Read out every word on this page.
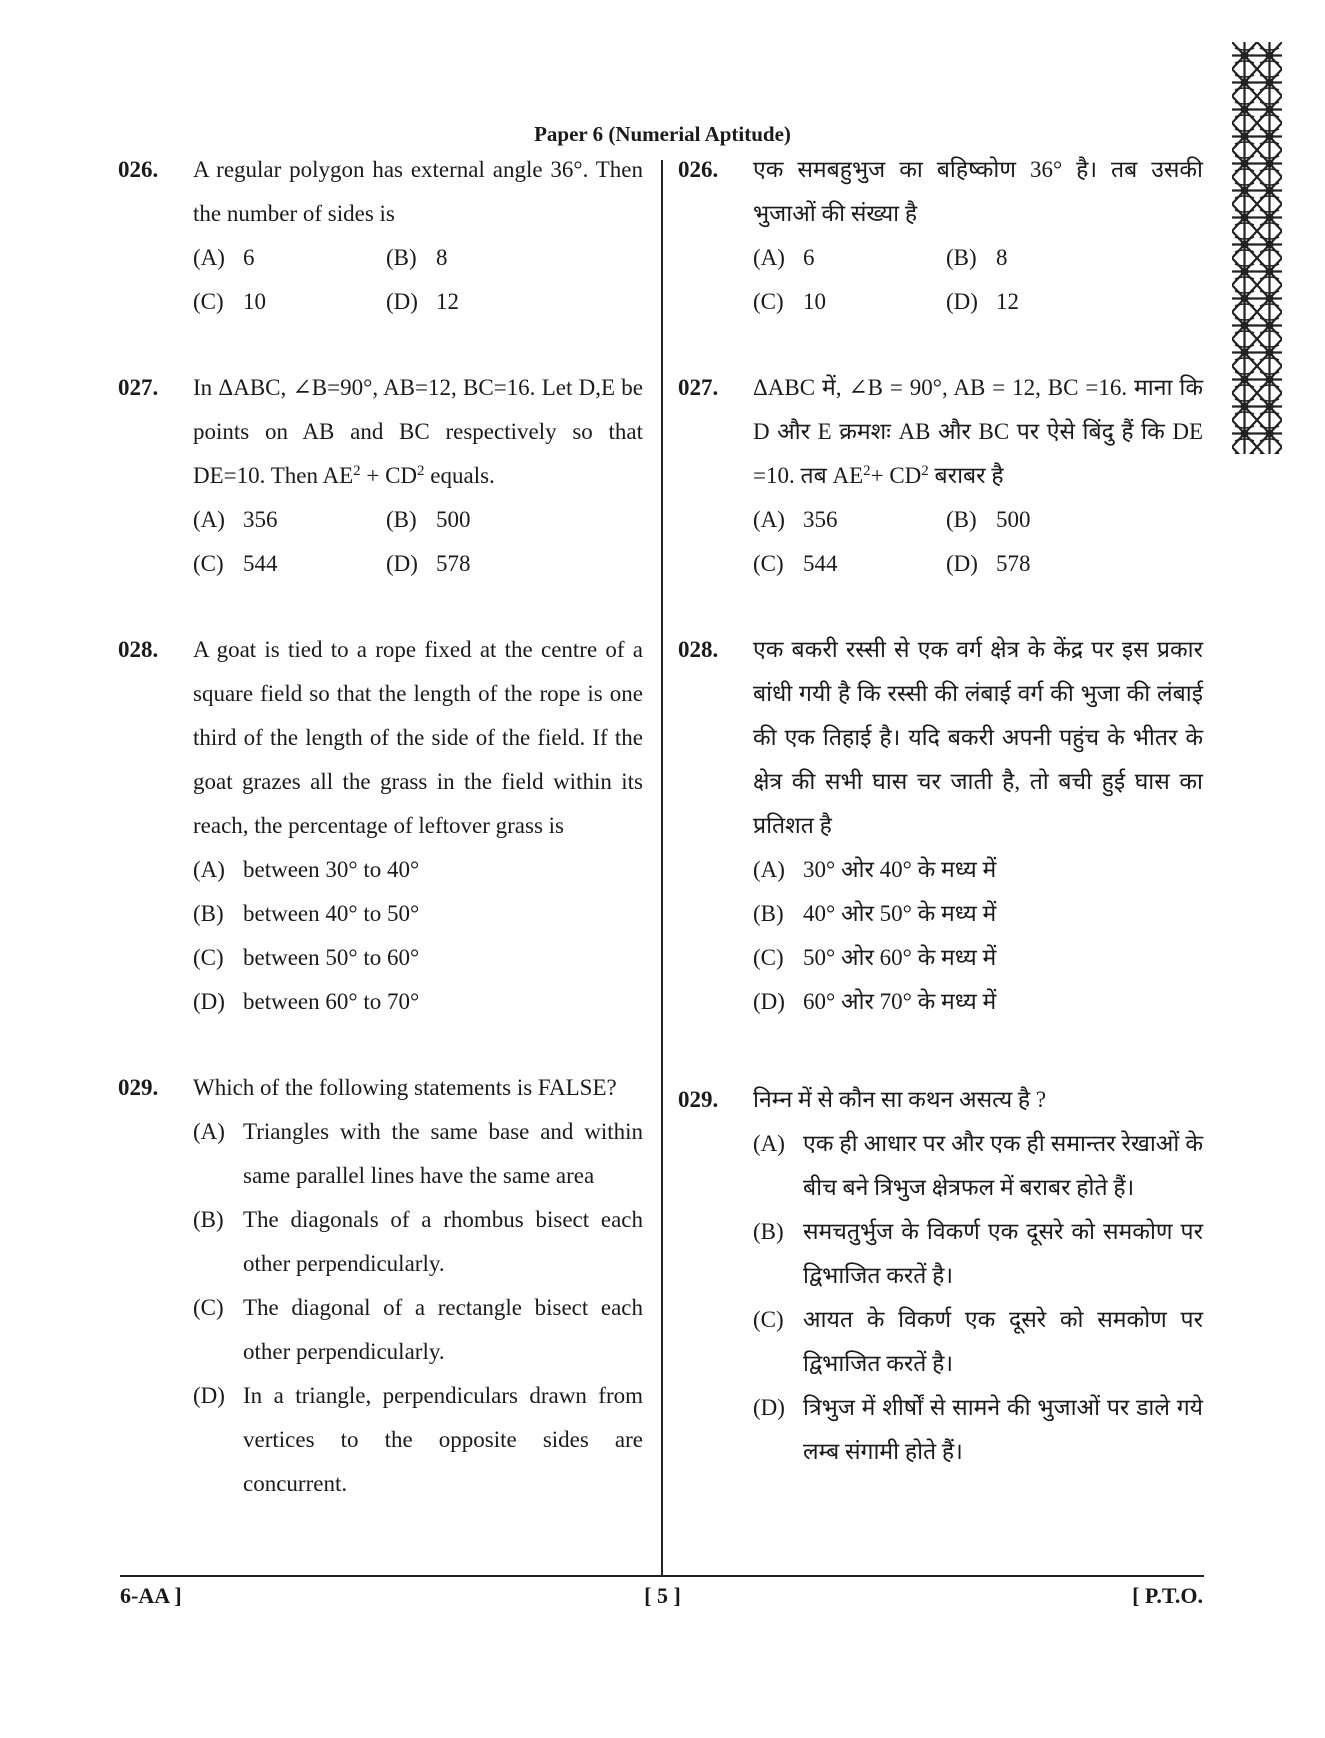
Paper 6 (Numerial Aptitude)
026. A regular polygon has external angle 36°. Then the number of sides is
(A) 6	(B) 8
(C) 10	(D) 12
027. In ΔABC, ∠B=90°, AB=12, BC=16. Let D,E be points on AB and BC respectively so that DE=10. Then $AE^2 + CD^2$ equals.
(A) 356	(B) 500
(C) 544	(D) 578
028. A goat is tied to a rope fixed at the centre of a square field so that the length of the rope is one third of the length of the side of the field. If the goat grazes all the grass in the field within its reach, the percentage of leftover grass is
(A) between 30° to 40°
(B) between 40° to 50°
(C) between 50° to 60°
(D) between 60° to 70°
029. Which of the following statements is FALSE?
(A) Triangles with the same base and within same parallel lines have the same area
(B) The diagonals of a rhombus bisect each other perpendicularly.
(C) The diagonal of a rectangle bisect each other perpendicularly.
(D) In a triangle, perpendiculars drawn from vertices to the opposite sides are concurrent.
026. एक समबहुभुज का बहिष्कोण 36° है। तब उसकी भुजाओं की संख्या है
(A) 6	(B) 8
(C) 10	(D) 12
027. ΔABC में, ∠B = 90°, AB = 12, BC =16. माना कि D और E क्रमशः AB और BC पर ऐसे बिंदु हैं कि DE =10. तब $AE^2+ CD^2$ बराबर है
(A) 356	(B) 500
(C) 544	(D) 578
028. एक बकरी रस्सी से एक वर्ग क्षेत्र के केंद्र पर इस प्रकार बांधी गयी है कि रस्सी की लंबाई वर्ग की भुजा की लंबाई की एक तिहाई है। यदि बकरी अपनी पहुंच के भीतर के क्षेत्र की सभी घास चर जाती है, तो बची हुई घास का प्रतिशत है
(A) 30° ओर 40° के मध्य में
(B) 40° ओर 50° के मध्य में
(C) 50° ओर 60° के मध्य में
(D) 60° ओर 70° के मध्य में
029. निम्न में से कौन सा कथन असत्य है ?
(A) एक ही आधार पर और एक ही समान्तर रेखाओं के बीच बने त्रिभुज क्षेत्रफल में बराबर होते हैं।
(B) समचतुर्भुज के विकर्ण एक दूसरे को समकोण पर द्विभाजित करतें है।
(C) आयत के विकर्ण एक दूसरे को समकोण पर द्विभाजित करतें है।
(D) त्रिभुज में शीर्षों से सामने की भुजाओं पर डाले गये लम्ब संगामी होते हैं।
6-AA ]	[ 5 ]	[ P.T.O.
